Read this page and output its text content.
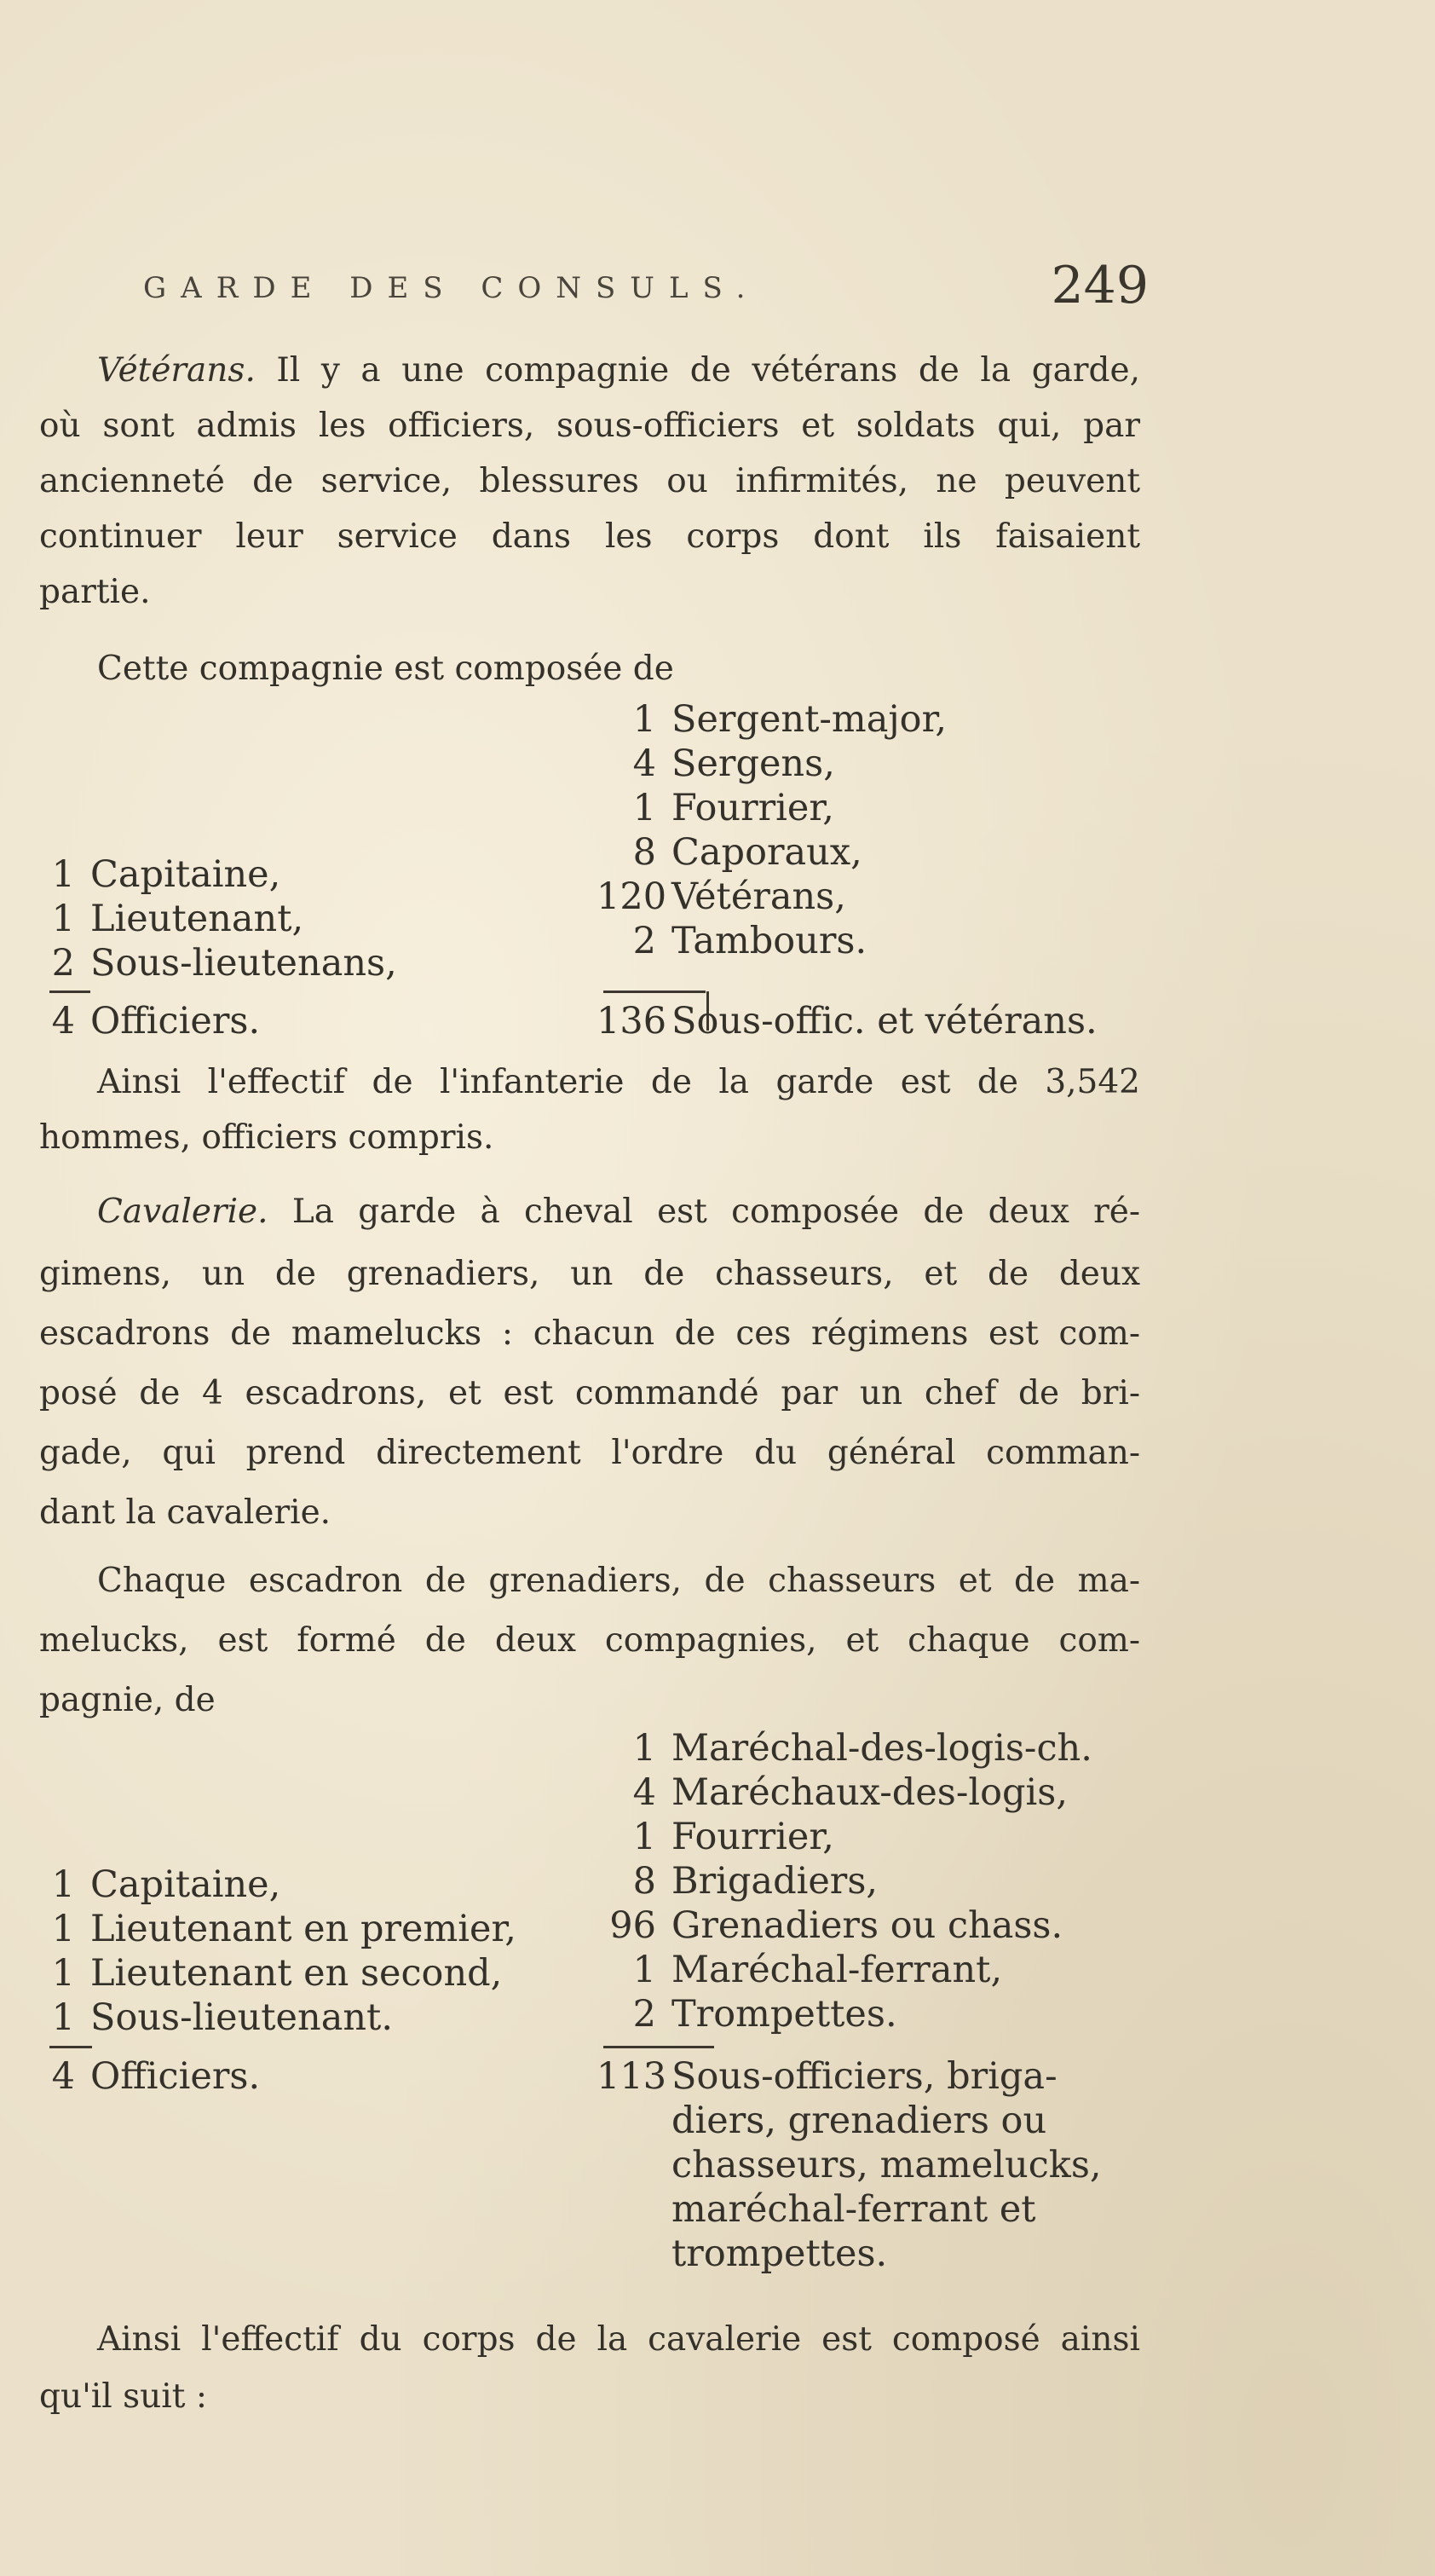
GARDE DES CONSULS.	249
Vétérans. Il y a une compagnie de vétérans de la garde,
où sont admis les officiers, sous-officiers et soldats qui, par
ancienneté de service, blessures ou infirmités, ne peuvent
continuer leur service dans les corps dont ils faisaient
partie.
Cette compagnie est composée de
1 Sergent-major,
4 Sergens,
1 Fourrier,
8 Caporaux,
120 Vétérans,
2 Tambours.
1 Capitaine,
1 Lieutenant,
2 Sous-lieutenans,
4 Officiers.	136 Sous-offic. et vétérans.
Ainsi l'effectif de l'infanterie de la garde est de 3,542
hommes, officiers compris.
Cavalerie. La garde à cheval est composée de deux ré-
gimens, un de grenadiers, un de chasseurs, et de deux
escadrons de mamelucks : chacun de ces régimens est com-
posé de 4 escadrons, et est commandé par un chef de bri-
gade, qui prend directement l'ordre du général comman-
dant la cavalerie.
Chaque escadron de grenadiers, de chasseurs et de ma-
melucks, est formé de deux compagnies, et chaque com-
pagnie, de
1 Maréchal-des-logis-ch.
4 Maréchaux-des-logis,
1 Fourrier,
8 Brigadiers,
96 Grenadiers ou chass.
1 Maréchal-ferrant,
2 Trompettes.
1 Capitaine,
1 Lieutenant en premier,
1 Lieutenant en second,
1 Sous-lieutenant.
4 Officiers.	113 Sous-officiers, briga-
diers, grenadiers ou
chasseurs, mamelucks,
maréchal-ferrant et
trompettes.
Ainsi l'effectif du corps de la cavalerie est composé ainsi
qu'il suit :
